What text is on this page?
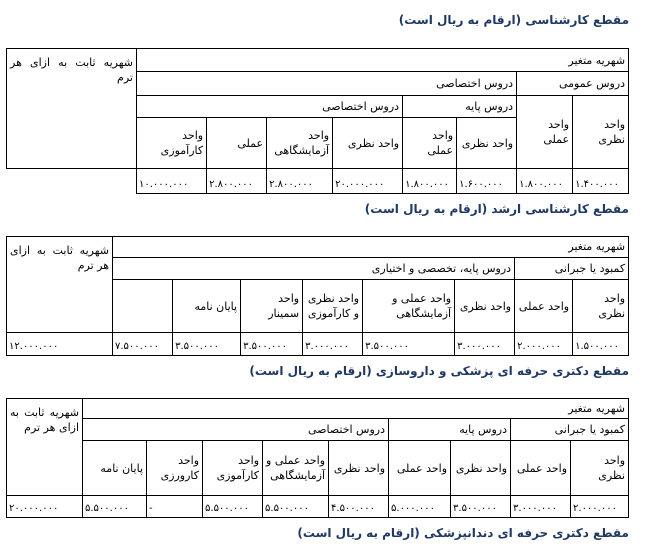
مقطع کارشناسی (ارقام به ریال است)
شهریه متغیر								شهریه ثابت به ازای هر ترم
دروس عمومی		دروس اختصاصی						
واحد نظری	واحد عملی	دروس پایه		دروس اختصاصی				
		واحد نظری	واحد عملی	واحد نظری	واحد آزمایشگاهی	عملی	واحد کارآموزی	
۱.۴۰۰.۰۰۰	۱.۸۰۰.۰۰۰	۱.۶۰۰.۰۰۰	۱.۸۰۰.۰۰۰	۲۰.۰۰۰.۰۰۰	۲.۸۰۰.۰۰۰	۲.۸۰۰.۰۰۰	۱۰.۰۰۰.۰۰۰	
مقطع کارشناسی ارشد (ارقام به ریال است)
شهریه متغیر								شهریه ثابت به ازای هر ترم
کمبود یا جبرانی		دروس پایه، تخصصی و اختیاری						
واحد نظری	واحد عملی	واحد نظری	واحد عملی و آزمایشگاهی	واحد نظری و کارآموزی	واحد سمینار	پایان نامه		
۱.۵۰۰.۰۰۰	۲.۰۰۰.۰۰۰	۳.۰۰۰.۰۰۰	۳.۵۰۰.۰۰۰	۳.۰۰۰.۰۰۰	۳.۵۰۰.۰۰۰	۳.۵۰۰.۰۰۰	۷.۵۰۰.۰۰۰	۱۲.۰۰۰.۰۰۰
مقطع دکتری حرفه ای پزشکی و داروسازی (ارقام به ریال است)
شهریه متغیر									شهریه ثابت به ازای هر ترم
کمبود یا جبرانی		دروس پایه		دروس اختصاصی					
واحد نظری	واحد عملی	واحد نظری	واحد عملی	واحد نظری	واحد عملی و آزمایشگاهی	واحد کارآموزی	واحد کارورزی	پایان نامه	
۲.۰۰۰.۰۰۰	۳.۰۰۰.۰۰۰	۳.۵۰۰.۰۰۰	۵.۰۰۰.۰۰۰	۴.۵۰۰.۰۰۰	۵.۵۰۰.۰۰۰	۵.۵۰۰.۰۰۰	-	۵.۵۰۰.۰۰۰	۲۰.۰۰۰.۰۰۰
مقطع دکتری حرفه ای دندانپزشکی (ارقام به ریال است)
